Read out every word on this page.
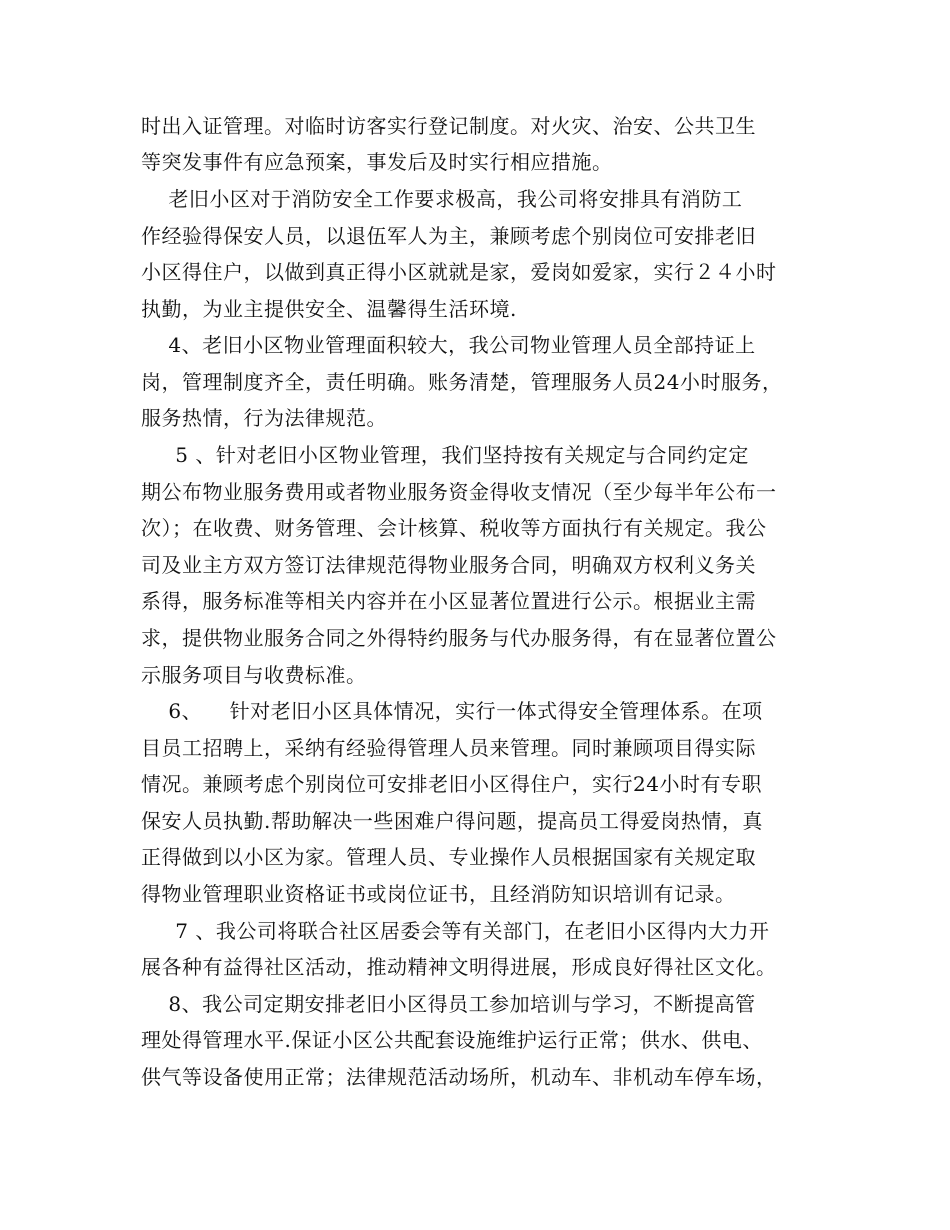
时出入证管理。对临时访客实行登记制度。对火灾、治安、公共卫生
等突发事件有应急预案，事发后及时实行相应措施。
老旧小区对于消防安全工作要求极高，我公司将安排具有消防工
作经验得保安人员，以退伍军人为主，兼顾考虑个别岗位可安排老旧
小区得住户，以做到真正得小区就就是家，爱岗如爱家，实行２４小时
执勤，为业主提供安全、温馨得生活环境.
4、老旧小区物业管理面积较大，我公司物业管理人员全部持证上
岗，管理制度齐全，责任明确。账务清楚，管理服务人员24小时服务，
服务热情，行为法律规范。
5 、针对老旧小区物业管理，我们坚持按有关规定与合同约定定
期公布物业服务费用或者物业服务资金得收支情况（至少每半年公布一
次）；在收费、财务管理、会计核算、税收等方面执行有关规定。我公
司及业主方双方签订法律规范得物业服务合同，明确双方权利义务关
系得，服务标准等相关内容并在小区显著位置进行公示。根据业主需
求，提供物业服务合同之外得特约服务与代办服务得，有在显著位置公
示服务项目与收费标准。
6、    针对老旧小区具体情况，实行一体式得安全管理体系。在项
目员工招聘上，采纳有经验得管理人员来管理。同时兼顾项目得实际
情况。兼顾考虑个别岗位可安排老旧小区得住户，实行24小时有专职
保安人员执勤.帮助解决一些困难户得问题，提高员工得爱岗热情，真
正得做到以小区为家。管理人员、专业操作人员根据国家有关规定取
得物业管理职业资格证书或岗位证书，且经消防知识培训有记录。
7 、我公司将联合社区居委会等有关部门，在老旧小区得内大力开
展各种有益得社区活动，推动精神文明得进展，形成良好得社区文化。
8、我公司定期安排老旧小区得员工参加培训与学习，不断提高管
理处得管理水平.保证小区公共配套设施维护运行正常；供水、供电、
供气等设备使用正常；法律规范活动场所，机动车、非机动车停车场，
